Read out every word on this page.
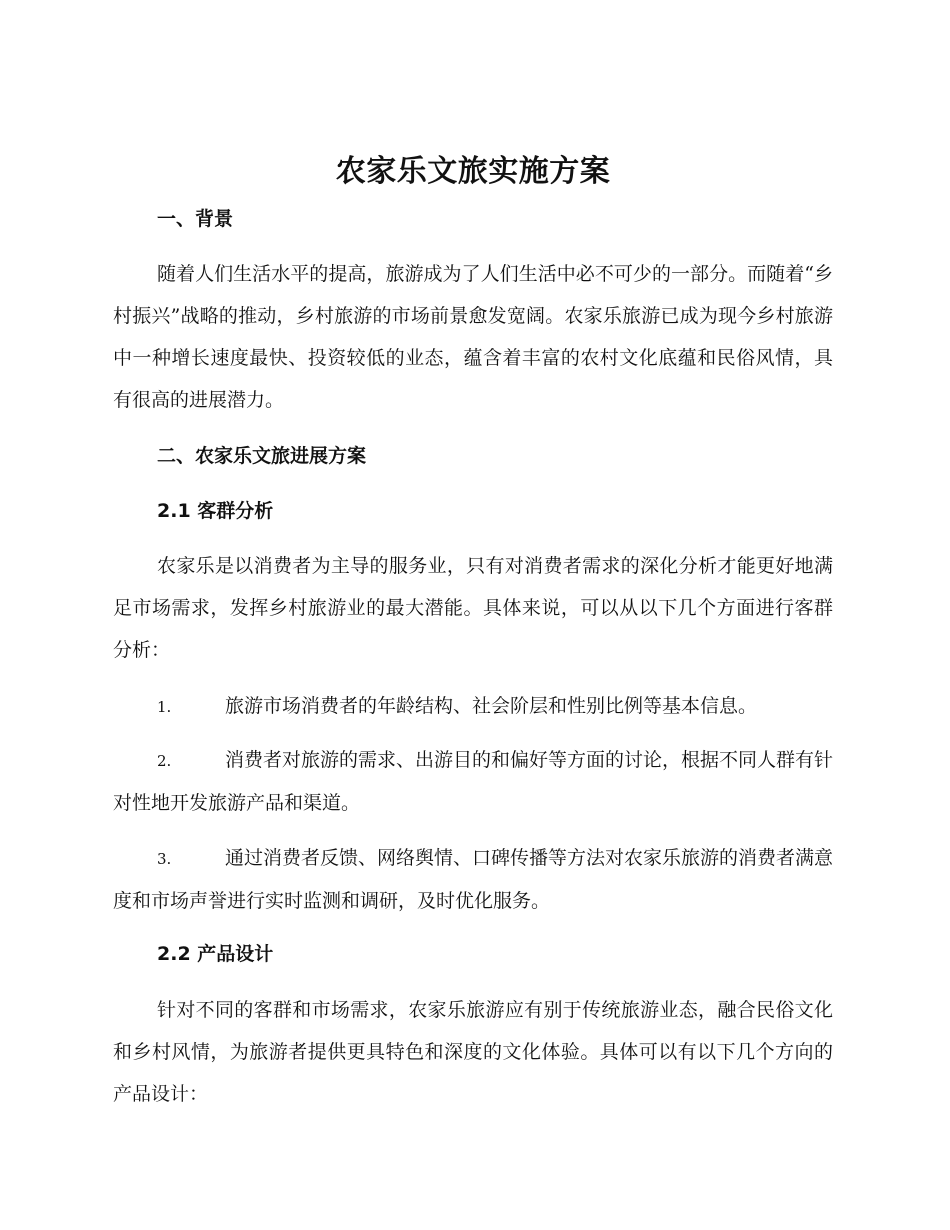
农家乐文旅实施方案
一、背景

随着人们生活水平的提高，旅游成为了人们生活中必不可少的一部分。而随着“乡村振兴”战略的推动，乡村旅游的市场前景愈发宽阔。农家乐旅游已成为现今乡村旅游中一种增长速度最快、投资较低的业态，蕴含着丰富的农村文化底蕴和民俗风情，具有很高的进展潜力。

二、农家乐文旅进展方案
2.1 客群分析

农家乐是以消费者为主导的服务业，只有对消费者需求的深化分析才能更好地满足市场需求，发挥乡村旅游业的最大潜能。具体来说，可以从以下几个方面进行客群分析：

1.	旅游市场消费者的年龄结构、社会阶层和性别比例等基本信息。

2.	消费者对旅游的需求、出游目的和偏好等方面的讨论，根据不同人群有针对性地开发旅游产品和渠道。

3.	通过消费者反馈、网络舆情、口碑传播等方法对农家乐旅游的消费者满意度和市场声誉进行实时监测和调研，及时优化服务。

2.2 产品设计

针对不同的客群和市场需求，农家乐旅游应有别于传统旅游业态，融合民俗文化和乡村风情，为旅游者提供更具特色和深度的文化体验。具体可以有以下几个方向的产品设计：
